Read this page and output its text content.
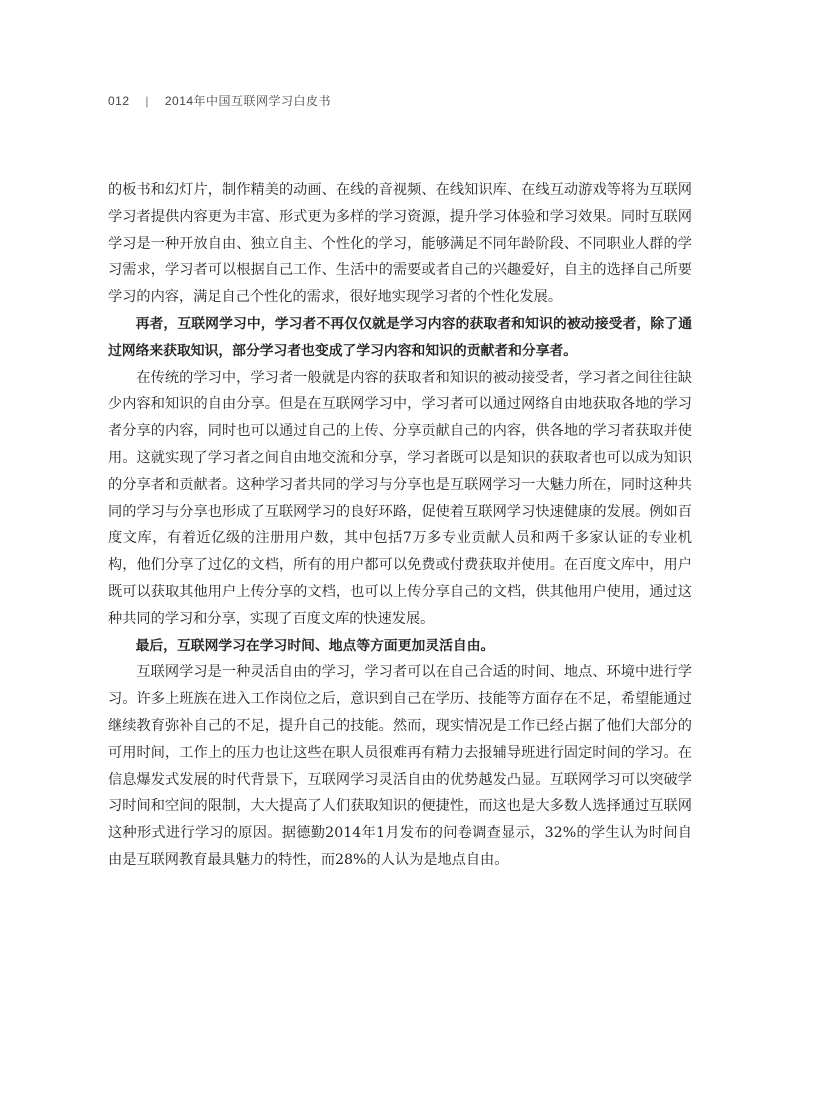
012 | 2014年中国互联网学习白皮书

的板书和幻灯片，制作精美的动画、在线的音视频、在线知识库、在线互动游戏等将为互联网学习者提供内容更为丰富、形式更为多样的学习资源，提升学习体验和学习效果。同时互联网学习是一种开放自由、独立自主、个性化的学习，能够满足不同年龄阶段、不同职业人群的学习需求，学习者可以根据自己工作、生活中的需要或者自己的兴趣爱好，自主的选择自己所要学习的内容，满足自己个性化的需求，很好地实现学习者的个性化发展。

再者，互联网学习中，学习者不再仅仅就是学习内容的获取者和知识的被动接受者，除了通过网络来获取知识，部分学习者也变成了学习内容和知识的贡献者和分享者。

在传统的学习中，学习者一般就是内容的获取者和知识的被动接受者，学习者之间往往缺少内容和知识的自由分享。但是在互联网学习中，学习者可以通过网络自由地获取各地的学习者分享的内容，同时也可以通过自己的上传、分享贡献自己的内容，供各地的学习者获取并使用。这就实现了学习者之间自由地交流和分享，学习者既可以是知识的获取者也可以成为知识的分享者和贡献者。这种学习者共同的学习与分享也是互联网学习一大魅力所在，同时这种共同的学习与分享也形成了互联网学习的良好环路，促使着互联网学习快速健康的发展。例如百度文库，有着近亿级的注册用户数，其中包括7万多专业贡献人员和两千多家认证的专业机构，他们分享了过亿的文档，所有的用户都可以免费或付费获取并使用。在百度文库中，用户既可以获取其他用户上传分享的文档，也可以上传分享自己的文档，供其他用户使用，通过这种共同的学习和分享，实现了百度文库的快速发展。

最后，互联网学习在学习时间、地点等方面更加灵活自由。

互联网学习是一种灵活自由的学习，学习者可以在自己合适的时间、地点、环境中进行学习。许多上班族在进入工作岗位之后，意识到自己在学历、技能等方面存在不足，希望能通过继续教育弥补自己的不足，提升自己的技能。然而，现实情况是工作已经占据了他们大部分的可用时间，工作上的压力也让这些在职人员很难再有精力去报辅导班进行固定时间的学习。在信息爆发式发展的时代背景下，互联网学习灵活自由的优势越发凸显。互联网学习可以突破学习时间和空间的限制，大大提高了人们获取知识的便捷性，而这也是大多数人选择通过互联网这种形式进行学习的原因。据德勤2014年1月发布的问卷调查显示，32%的学生认为时间自由是互联网教育最具魅力的特性，而28%的人认为是地点自由。
